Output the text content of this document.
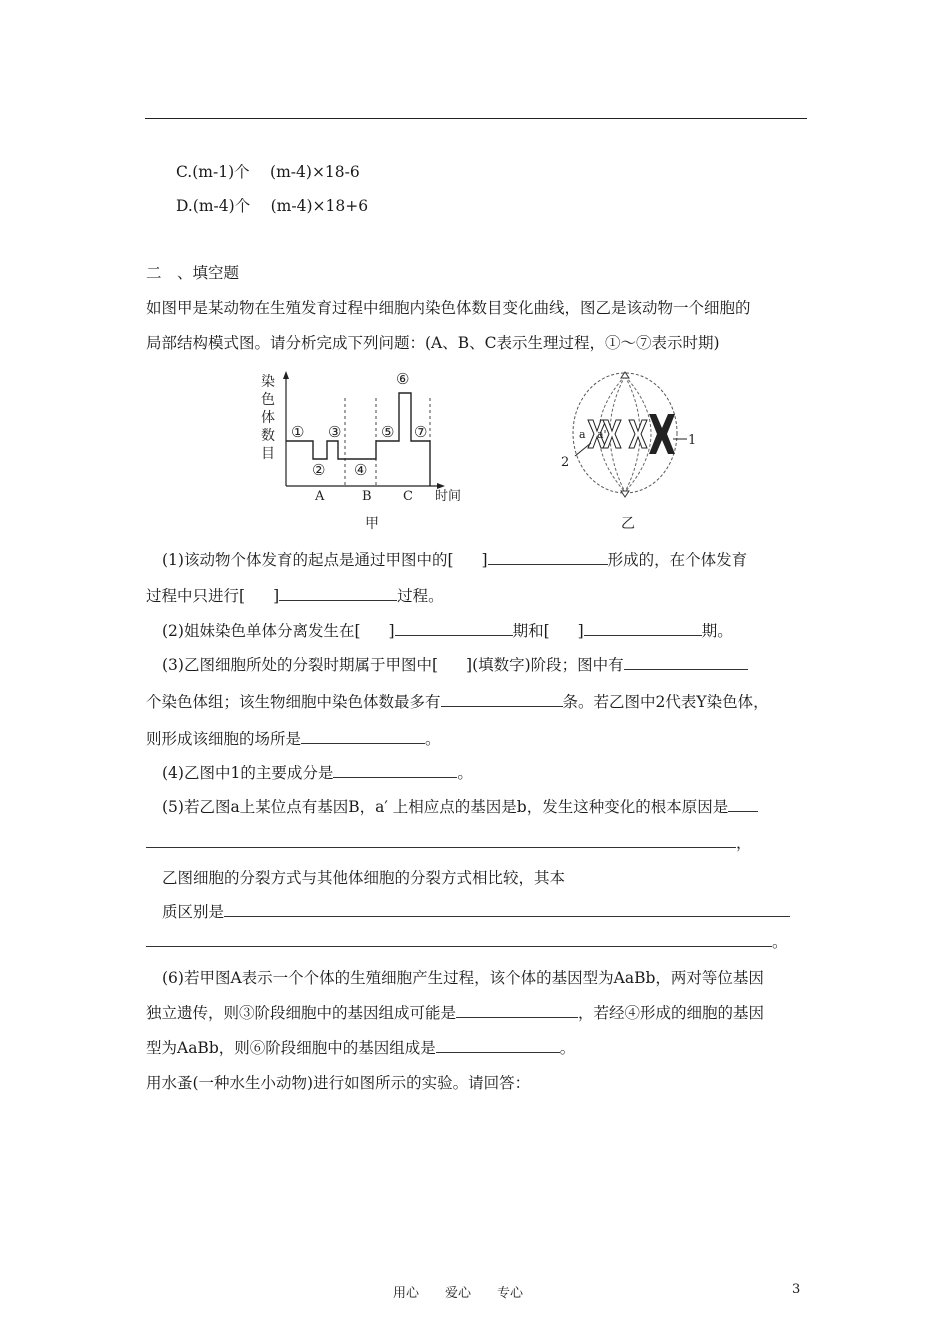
C.(m-1)个　 (m-4)×18-6
D.(m-4)个　 (m-4)×18+6
二　、填空题
如图甲是某动物在生殖发育过程中细胞内染色体数目变化曲线，图乙是该动物一个细胞的
局部结构模式图。请分析完成下列问题：(A、B、C表示生理过程，①～⑦表示时期)
染
色
体
数
目
时间
①
②
③
④
⑤
⑥
⑦
A	B C
甲
1
2
a a'
乙
(1)该动物个体发育的起点是通过甲图中的[ ]	形成的，在个体发育
过程中只进行[ ]	过程。
(2)姐妹染色单体分离发生在[ ]	期和[ ]	期。
(3)乙图细胞所处的分裂时期属于甲图中[ ](填数字)阶段；图中有
个染色体组；该生物细胞中染色体数最多有	条。若乙图中2代表Y染色体，
则形成该细胞的场所是	。
(4)乙图中1的主要成分是	。
(5)若乙图a上某位点有基因B，a′ 上相应点的基因是b，发生这种变化的根本原因是
，
乙图细胞的分裂方式与其他体细胞的分裂方式相比较，其本
质区别是
。
(6)若甲图A表示一个个体的生殖细胞产生过程，该个体的基因型为AaBb，两对等位基因
独立遗传，则③阶段细胞中的基因组成可能是	，若经④形成的细胞的基因
型为AaBb，则⑥阶段细胞中的基因组成是	。
用水蚤(一种水生小动物)进行如图所示的实验。请回答：
用心　　爱心　　专心	3
